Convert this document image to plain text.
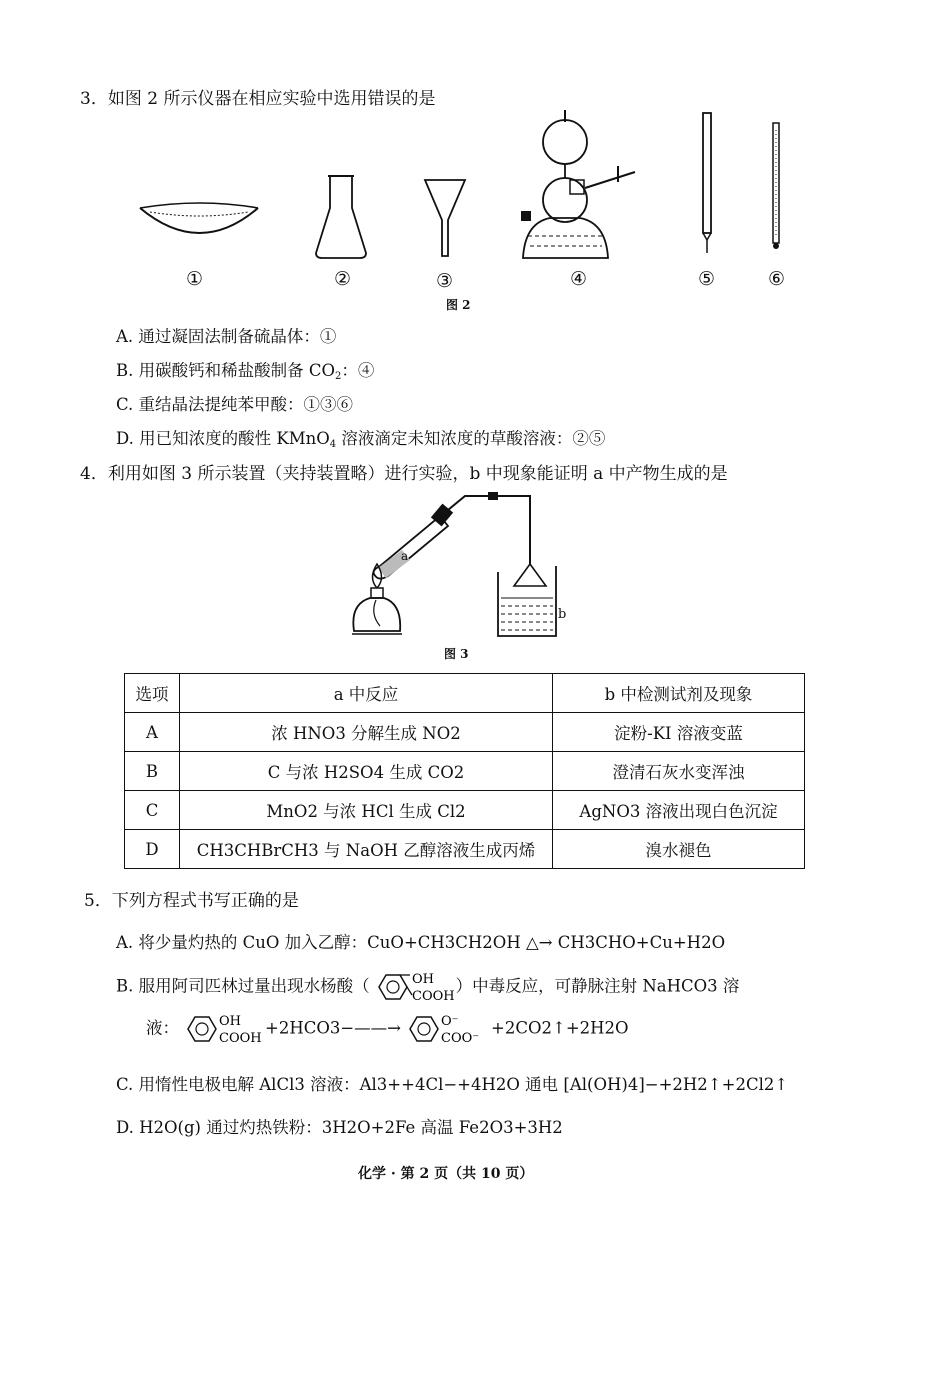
3．如图 2 所示仪器在相应实验中选用错误的是
①	②	③	④	⑤	⑥
图 2
A. 通过凝固法制备硫晶体：①
B. 用碳酸钙和稀盐酸制备 $CO_2$：④
C. 重结晶法提纯苯甲酸：①③⑥
D. 用已知浓度的酸性 KMnO$_4$ 溶液滴定未知浓度的草酸溶液：②⑤
4．利用如图 3 所示装置（夹持装置略）进行实验，b 中现象能证明 a 中产物生成的是
a
b
图 3
选项	a 中反应	b 中检测试剂及现象
A	浓 HNO3 分解生成 NO2	淀粉-KI 溶液变蓝
B	C 与浓 H2SO4 生成 CO2	澄清石灰水变浑浊
C	MnO2 与浓 HCl 生成 Cl2	AgNO3 溶液出现白色沉淀
D	CH3CHBrCH3 与 NaOH 乙醇溶液生成丙烯	溴水褪色
5．下列方程式书写正确的是
A. 将少量灼热的 CuO 加入乙醇：CuO+CH3CH2OH △→ CH3CHO+Cu+H2O
B. 服用阿司匹林过量出现水杨酸（	OH
COOH
）中毒反应，可静脉注射 NaHCO3 溶
液：	OH
COOH
+2HCO3−——→	O⁻
COO⁻
+2CO2↑+2H2O
C. 用惰性电极电解 AlCl3 溶液：Al3++4Cl−+4H2O 通电 [Al(OH)4]−+2H2↑+2Cl2↑
D. H2O(g) 通过灼热铁粉：3H2O+2Fe 高温 Fe2O3+3H2
化学 · 第 2 页（共 10 页）
